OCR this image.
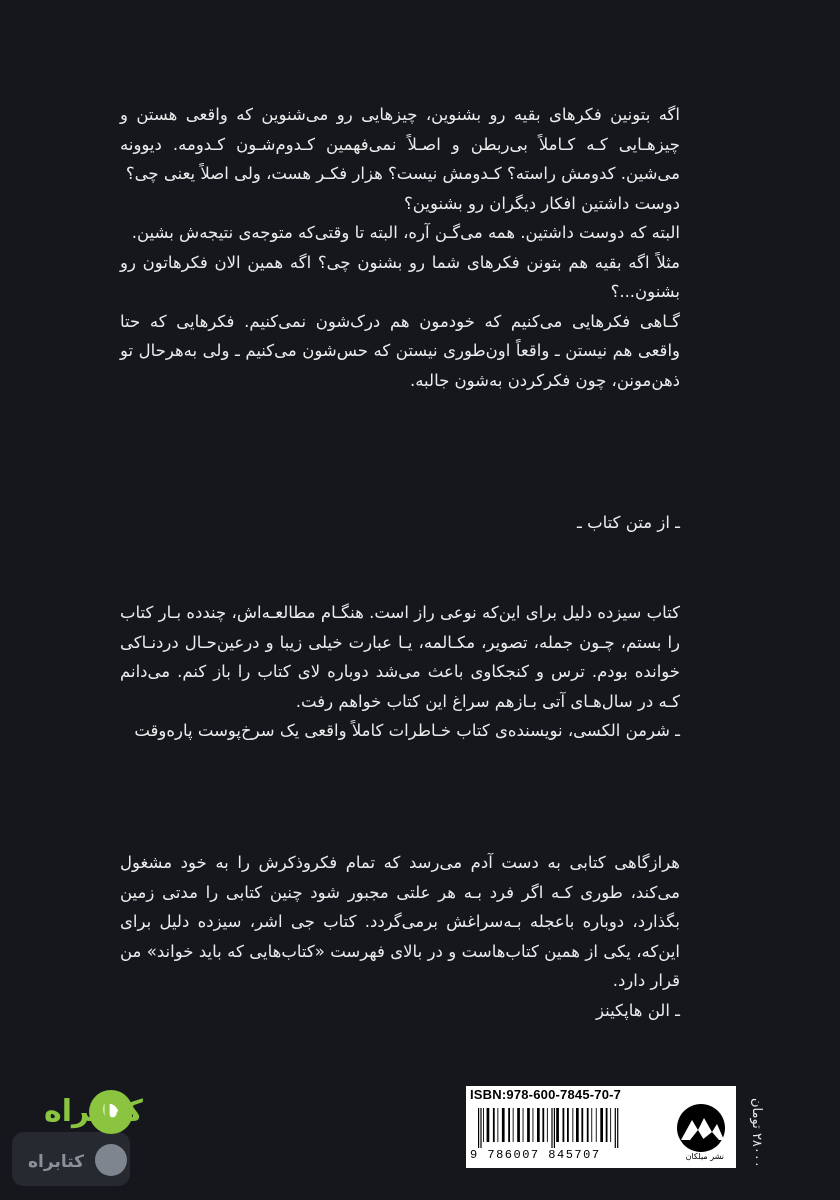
اگه بتونین فکرهای بقیه رو بشنوین، چیزهایی رو می‌شنوین که واقعی هستن و چیزهـایی کـه کـاملاً بی‌ربطن و اصـلاً نمی‌فهمین کـدوم‌شـون کـدومه. دیوونه می‌شین. کدومش راسته؟ کـدومش نیست؟ هزار فکـر هست، ولی اصلاً یعنی چی؟

دوست داشتین افکار دیگران رو بشنوین؟

البته که دوست داشتین. همه می‌گـن آره، البته تا وقتی‌که متوجه‌ی نتیجه‌ش بشین.

مثلاً اگه بقیه هم بتونن فکرهای شما رو بشنون چی؟ اگه همین الان فکرهاتون رو بشنون...؟

گـاهی فکرهایی می‌کنیم که خودمون هم درک‌شون نمی‌کنیم. فکرهایی که حتا واقعی هم نیستن ـ واقعاً اون‌طوری نیستن که حس‌شون می‌کنیم ـ ولی به‌هرحال تو ذهن‌مونن، چون فکرکردن به‌شون جالبه.

ـ از متن کتاب ـ

کتاب سیزده دلیل برای این‌که نوعی راز است. هنگـام مطالعـه‌اش، چندده بـار کتاب را بستم، چـون جمله، تصویر، مکـالمه، یـا عبارت خیلی زیبا و درعین‌حـال دردنـاکی خوانده بودم. ترس و کنجکاوی باعث می‌شد دوباره لای کتاب را باز کنم. می‌دانم کـه در سال‌هـای آتی بـازهم سراغ این کتاب خواهم رفت.

ـ شرمن الکسی، نویسنده‌ی کتاب خـاطرات کاملاً واقعی یک سرخ‌پوست پاره‌وقت

هرازگاهی کتابی به دست آدم می‌رسد که تمام فکروذکرش را به خود مشغول می‌کند، طوری کـه اگر فرد بـه هر علتی مجبور شود چنین کتابی را مدتی زمین بگذارد، دوباره باعجله بـه‌سراغش برمی‌گردد. کتاب جی اشر، سیزده دلیل برای این‌که، یکی از همین کتاب‌هاست و در بالای فهرست «کتاب‌هایی که باید خواند» من قرار دارد.

ـ الن هاپکینز

ISBN:978-600-7845-70-7
9 786007 845707	نشر میلکان
۲۸۰۰۰ تومان
کتابراه
کتابراه
